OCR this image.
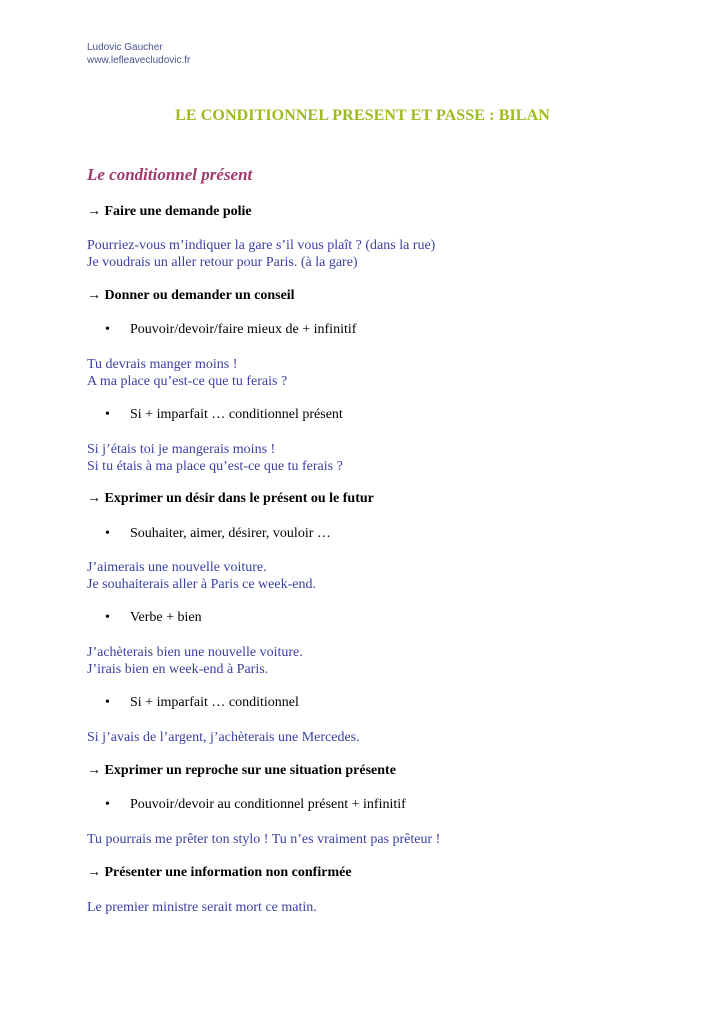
Ludovic Gaucher
www.lefleavecludovic.fr
LE CONDITIONNEL PRESENT ET PASSE : BILAN
Le conditionnel présent
→ Faire une demande polie
Pourriez-vous m’indiquer la gare s’il vous plaît ? (dans la rue)
Je voudrais un aller retour pour Paris. (à la gare)
→ Donner ou demander un conseil
• Pouvoir/devoir/faire mieux de + infinitif
Tu devrais manger moins !
A ma place qu’est-ce que tu ferais ?
• Si + imparfait … conditionnel présent
Si j’étais toi je mangerais moins !
Si tu étais à ma place qu’est-ce que tu ferais ?
→ Exprimer un désir dans le présent ou le futur
• Souhaiter, aimer, désirer, vouloir …
J’aimerais une nouvelle voiture.
Je souhaiterais aller à Paris ce week-end.
• Verbe + bien
J’achèterais bien une nouvelle voiture.
J’irais bien en week-end à Paris.
• Si + imparfait … conditionnel
Si j’avais de l’argent, j’achèterais une Mercedes.
→ Exprimer un reproche sur une situation présente
• Pouvoir/devoir au conditionnel présent + infinitif
Tu pourrais me prêter ton stylo ! Tu n’es vraiment pas prêteur !
→ Présenter une information non confirmée
Le premier ministre serait mort ce matin.
